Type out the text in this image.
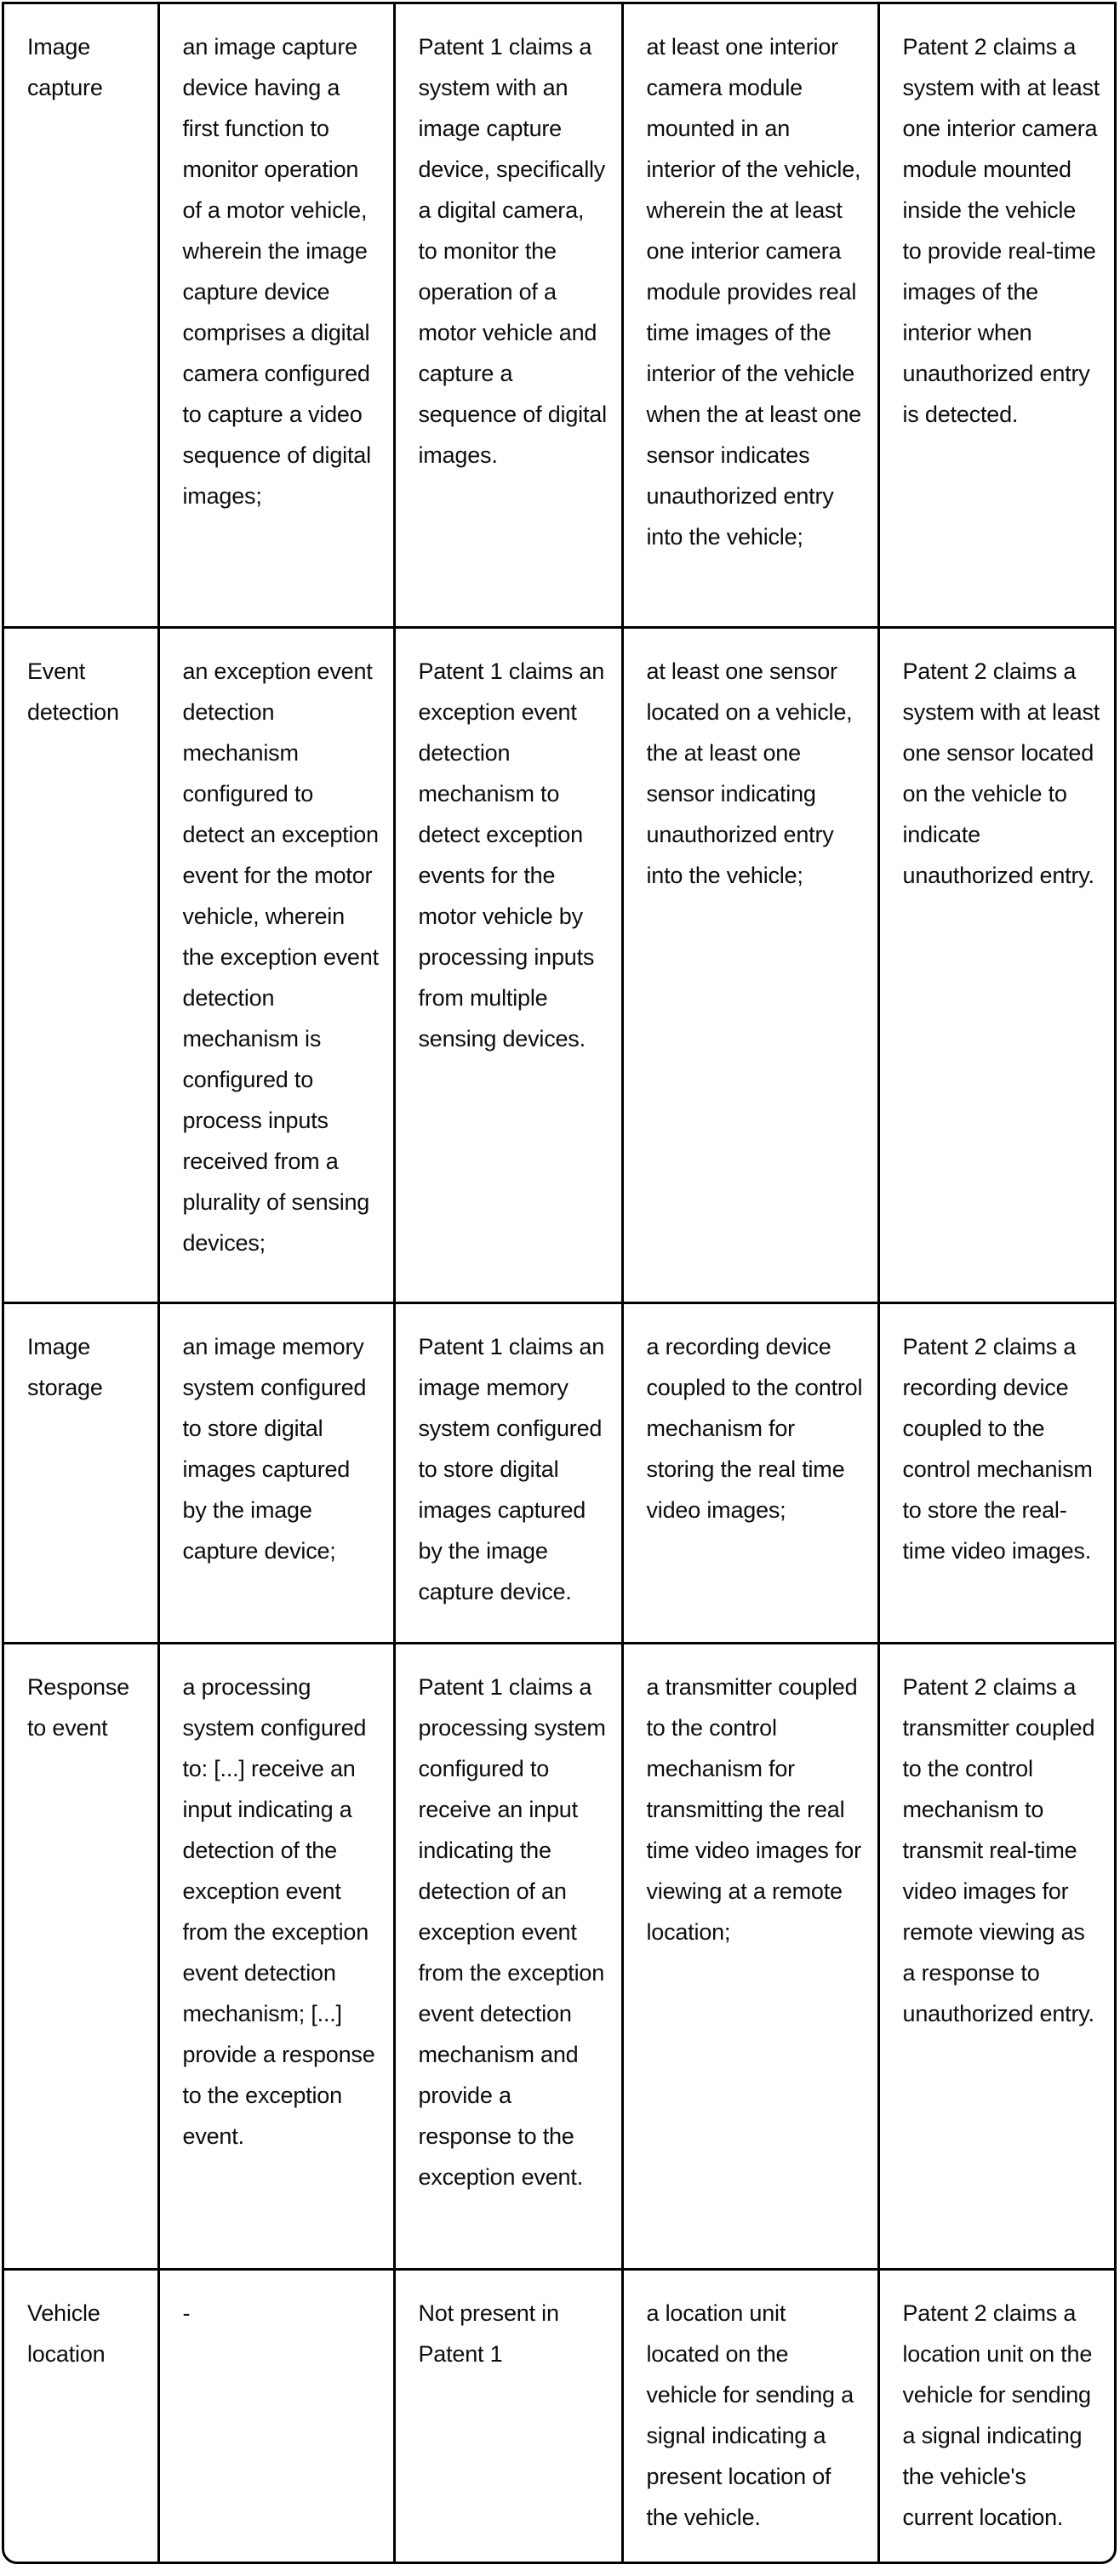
Image capture	an image capture device having a first function to monitor operation of a motor vehicle, wherein the image capture device comprises a digital camera configured to capture a video sequence of digital images;	Patent 1 claims a system with an image capture device, specifically a digital camera, to monitor the operation of a motor vehicle and capture a sequence of digital images.	at least one interior camera module mounted in an interior of the vehicle, wherein the at least one interior camera module provides real time images of the interior of the vehicle when the at least one sensor indicates unauthorized entry into the vehicle;	Patent 2 claims a system with at least one interior camera module mounted inside the vehicle to provide real-time images of the interior when unauthorized entry is detected.
Event detection	an exception event detection mechanism configured to detect an exception event for the motor vehicle, wherein the exception event detection mechanism is configured to process inputs received from a plurality of sensing devices;	Patent 1 claims an exception event detection mechanism to detect exception events for the motor vehicle by processing inputs from multiple sensing devices.	at least one sensor located on a vehicle, the at least one sensor indicating unauthorized entry into the vehicle;	Patent 2 claims a system with at least one sensor located on the vehicle to indicate unauthorized entry.
Image storage	an image memory system configured to store digital images captured by the image capture device;	Patent 1 claims an image memory system configured to store digital images captured by the image capture device.	a recording device coupled to the control mechanism for storing the real time video images;	Patent 2 claims a recording device coupled to the control mechanism to store the real-time video images.
Response to event	a processing system configured to: [...] receive an input indicating a detection of the exception event from the exception event detection mechanism; [...] provide a response to the exception event.	Patent 1 claims a processing system configured to receive an input indicating the detection of an exception event from the exception event detection mechanism and provide a response to the exception event.	a transmitter coupled to the control mechanism for transmitting the real time video images for viewing at a remote location;	Patent 2 claims a transmitter coupled to the control mechanism to transmit real-time video images for remote viewing as a response to unauthorized entry.
Vehicle location	-	Not present in Patent 1	a location unit located on the vehicle for sending a signal indicating a present location of the vehicle.	Patent 2 claims a location unit on the vehicle for sending a signal indicating the vehicle's current location.
